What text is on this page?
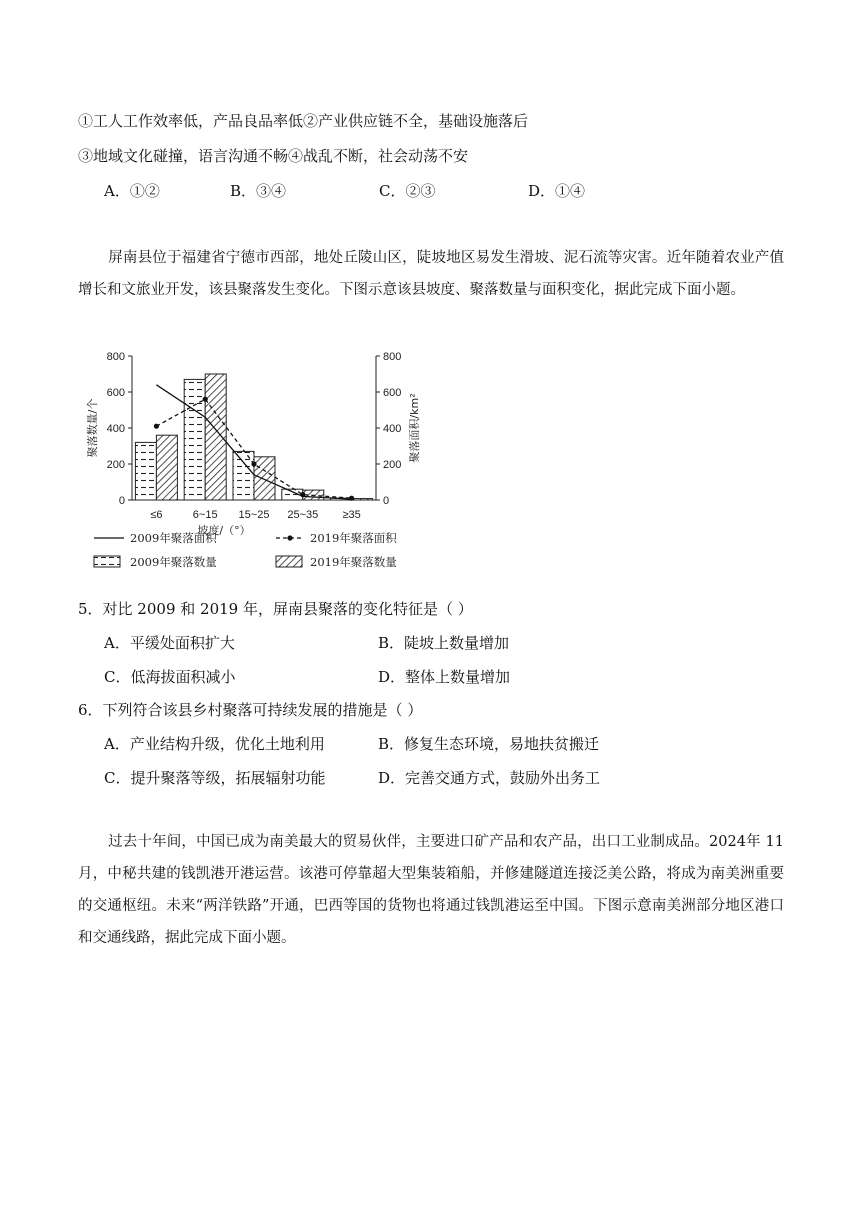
①工人工作效率低，产品良品率低②产业供应链不全，基础设施落后
③地域文化碰撞，语言沟通不畅④战乱不断，社会动荡不安
A．①②	B．③④	C．②③	D．①④
屏南县位于福建省宁德市西部，地处丘陵山区，陡坡地区易发生滑坡、泥石流等灾害。近年随着农业产值增长和文旅业开发，该县聚落发生变化。下图示意该县坡度、聚落数量与面积变化，据此完成下面小题。
0	0
200	200
400	400
600	600
800	800
≤6	6~15 15~25 25~35 ≥35
聚落数量/个	聚落面积/km²
坡度/（°）
2009年聚落面积	2019年聚落面积
2009年聚落数量	2019年聚落数量
5．对比 2009 和 2019 年，屏南县聚落的变化特征是（ ）
A．平缓处面积扩大	B．陡坡上数量增加
C．低海拔面积减小	D．整体上数量增加
6．下列符合该县乡村聚落可持续发展的措施是（ ）
A．产业结构升级，优化土地利用	B．修复生态环境，易地扶贫搬迁
C．提升聚落等级，拓展辐射功能	D．完善交通方式，鼓励外出务工
过去十年间，中国已成为南美最大的贸易伙伴，主要进口矿产品和农产品，出口工业制成品。2024年 11 月，中秘共建的钱凯港开港运营。该港可停靠超大型集装箱船，并修建隧道连接泛美公路，将成为南美洲重要的交通枢纽。未来“两洋铁路”开通，巴西等国的货物也将通过钱凯港运至中国。下图示意南美洲部分地区港口和交通线路，据此完成下面小题。
